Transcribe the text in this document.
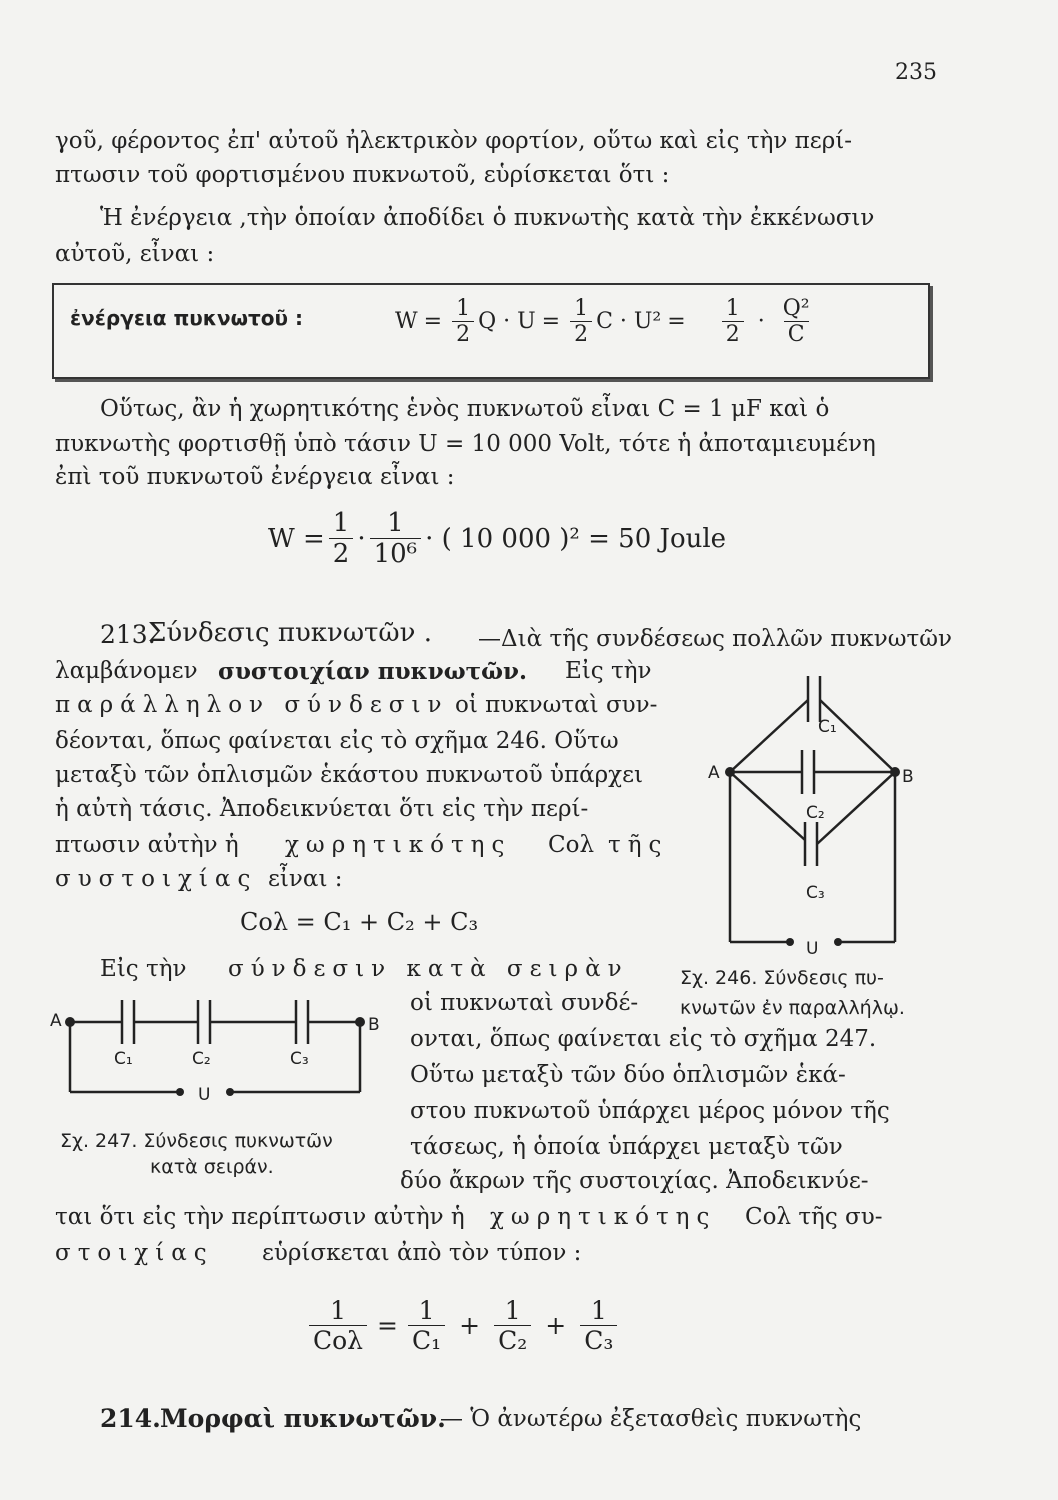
235
γοῦ, φέροντος ἐπ' αὐτοῦ ἠλεκτρικὸν φορτίον, οὕτω καὶ εἰς τὴν περί-
πτωσιν τοῦ φορτισμένου πυκνωτοῦ, εὑρίσκεται ὅτι :
Ἡ ἐνέργεια ,τὴν ὁποίαν ἀποδίδει ὁ πυκνωτὴς κατὰ τὴν ἐκκένωσιν
αὐτοῦ, εἶναι :
ἐνέργεια πυκνωτοῦ :	$W = \frac{1}{2}$ $Q \cdot U = \frac{1}{2}$ $C \cdot U^2 = \frac{1}{2} \cdot \frac{\text{Q²}}{C}$
Οὕτως, ἂν ἡ χωρητικότης ἑνὸς πυκνωτοῦ εἶναι C = 1 μF καὶ ὁ
πυκνωτὴς φορτισθῇ ὑπὸ τάσιν U = 10 000 Volt, τότε ἡ ἀποταμιευμένη
ἐπὶ τοῦ πυκνωτοῦ ἐνέργεια εἶναι :
$W = \frac{1}{2} \cdot \frac{1}{\text{10⁶}}$ · ( 10 000 )² = 50 Joule
213.
Σύνδεσις πυκνωτῶν . —Διὰ τῆς συνδέσεως πολλῶν πυκνωτῶν
λαμβάνομεν συστοιχίαν πυκνωτῶν. Εἰς τὴν
παράλληλον σύνδεσιν οἱ πυκνωταὶ συν-
δέονται, ὅπως φαίνεται εἰς τὸ σχῆμα 246. Οὕτω
μεταξὺ τῶν ὁπλισμῶν ἑκάστου πυκνωτοῦ ὑπάρχει
ἡ αὐτὴ τάσις. Ἀποδεικνύεται ὅτι εἰς τὴν περί-
πτωσιν αὐτὴν ἡ χωρητικότης Cολ τῆς
συστοιχίας εἶναι :
Cολ = C₁ + C₂ + C₃
Εἰς τὴν σύνδεσιν κατὰ σειρὰν
οἱ πυκνωταὶ συνδέ-
ονται, ὅπως φαίνεται εἰς τὸ σχῆμα 247.
Οὕτω μεταξὺ τῶν δύο ὁπλισμῶν ἑκά-
στου πυκνωτοῦ ὑπάρχει μέρος μόνον τῆς
τάσεως, ἡ ὁποία ὑπάρχει μεταξὺ τῶν
δύο ἄκρων τῆς συστοιχίας. Ἀποδεικνύε-
ται ὅτι εἰς τὴν περίπτωσιν αὐτὴν ἡ χωρητικότης Cολ τῆς συ-
στοιχίας εὑρίσκεται ἀπὸ τὸν τύπον :
$\frac{1}{\text{Cολ}} = \frac{1}{\text{C₁}} + \frac{1}{\text{C₂}} + \frac{1}{\text{C₃}}$
214. Μορφαὶ πυκνωτῶν.
— Ὁ ἀνωτέρω ἐξετασθεὶς πυκνωτὴς
A	B
C₁
C₂
C₃
U
Σχ. 246. Σύνδεσις πυ-
κνωτῶν ἐν παραλλήλῳ.
A	B
C₁	C₂	C₃
U
Σχ. 247. Σύνδεσις πυκνωτῶν
κατὰ σειράν.
